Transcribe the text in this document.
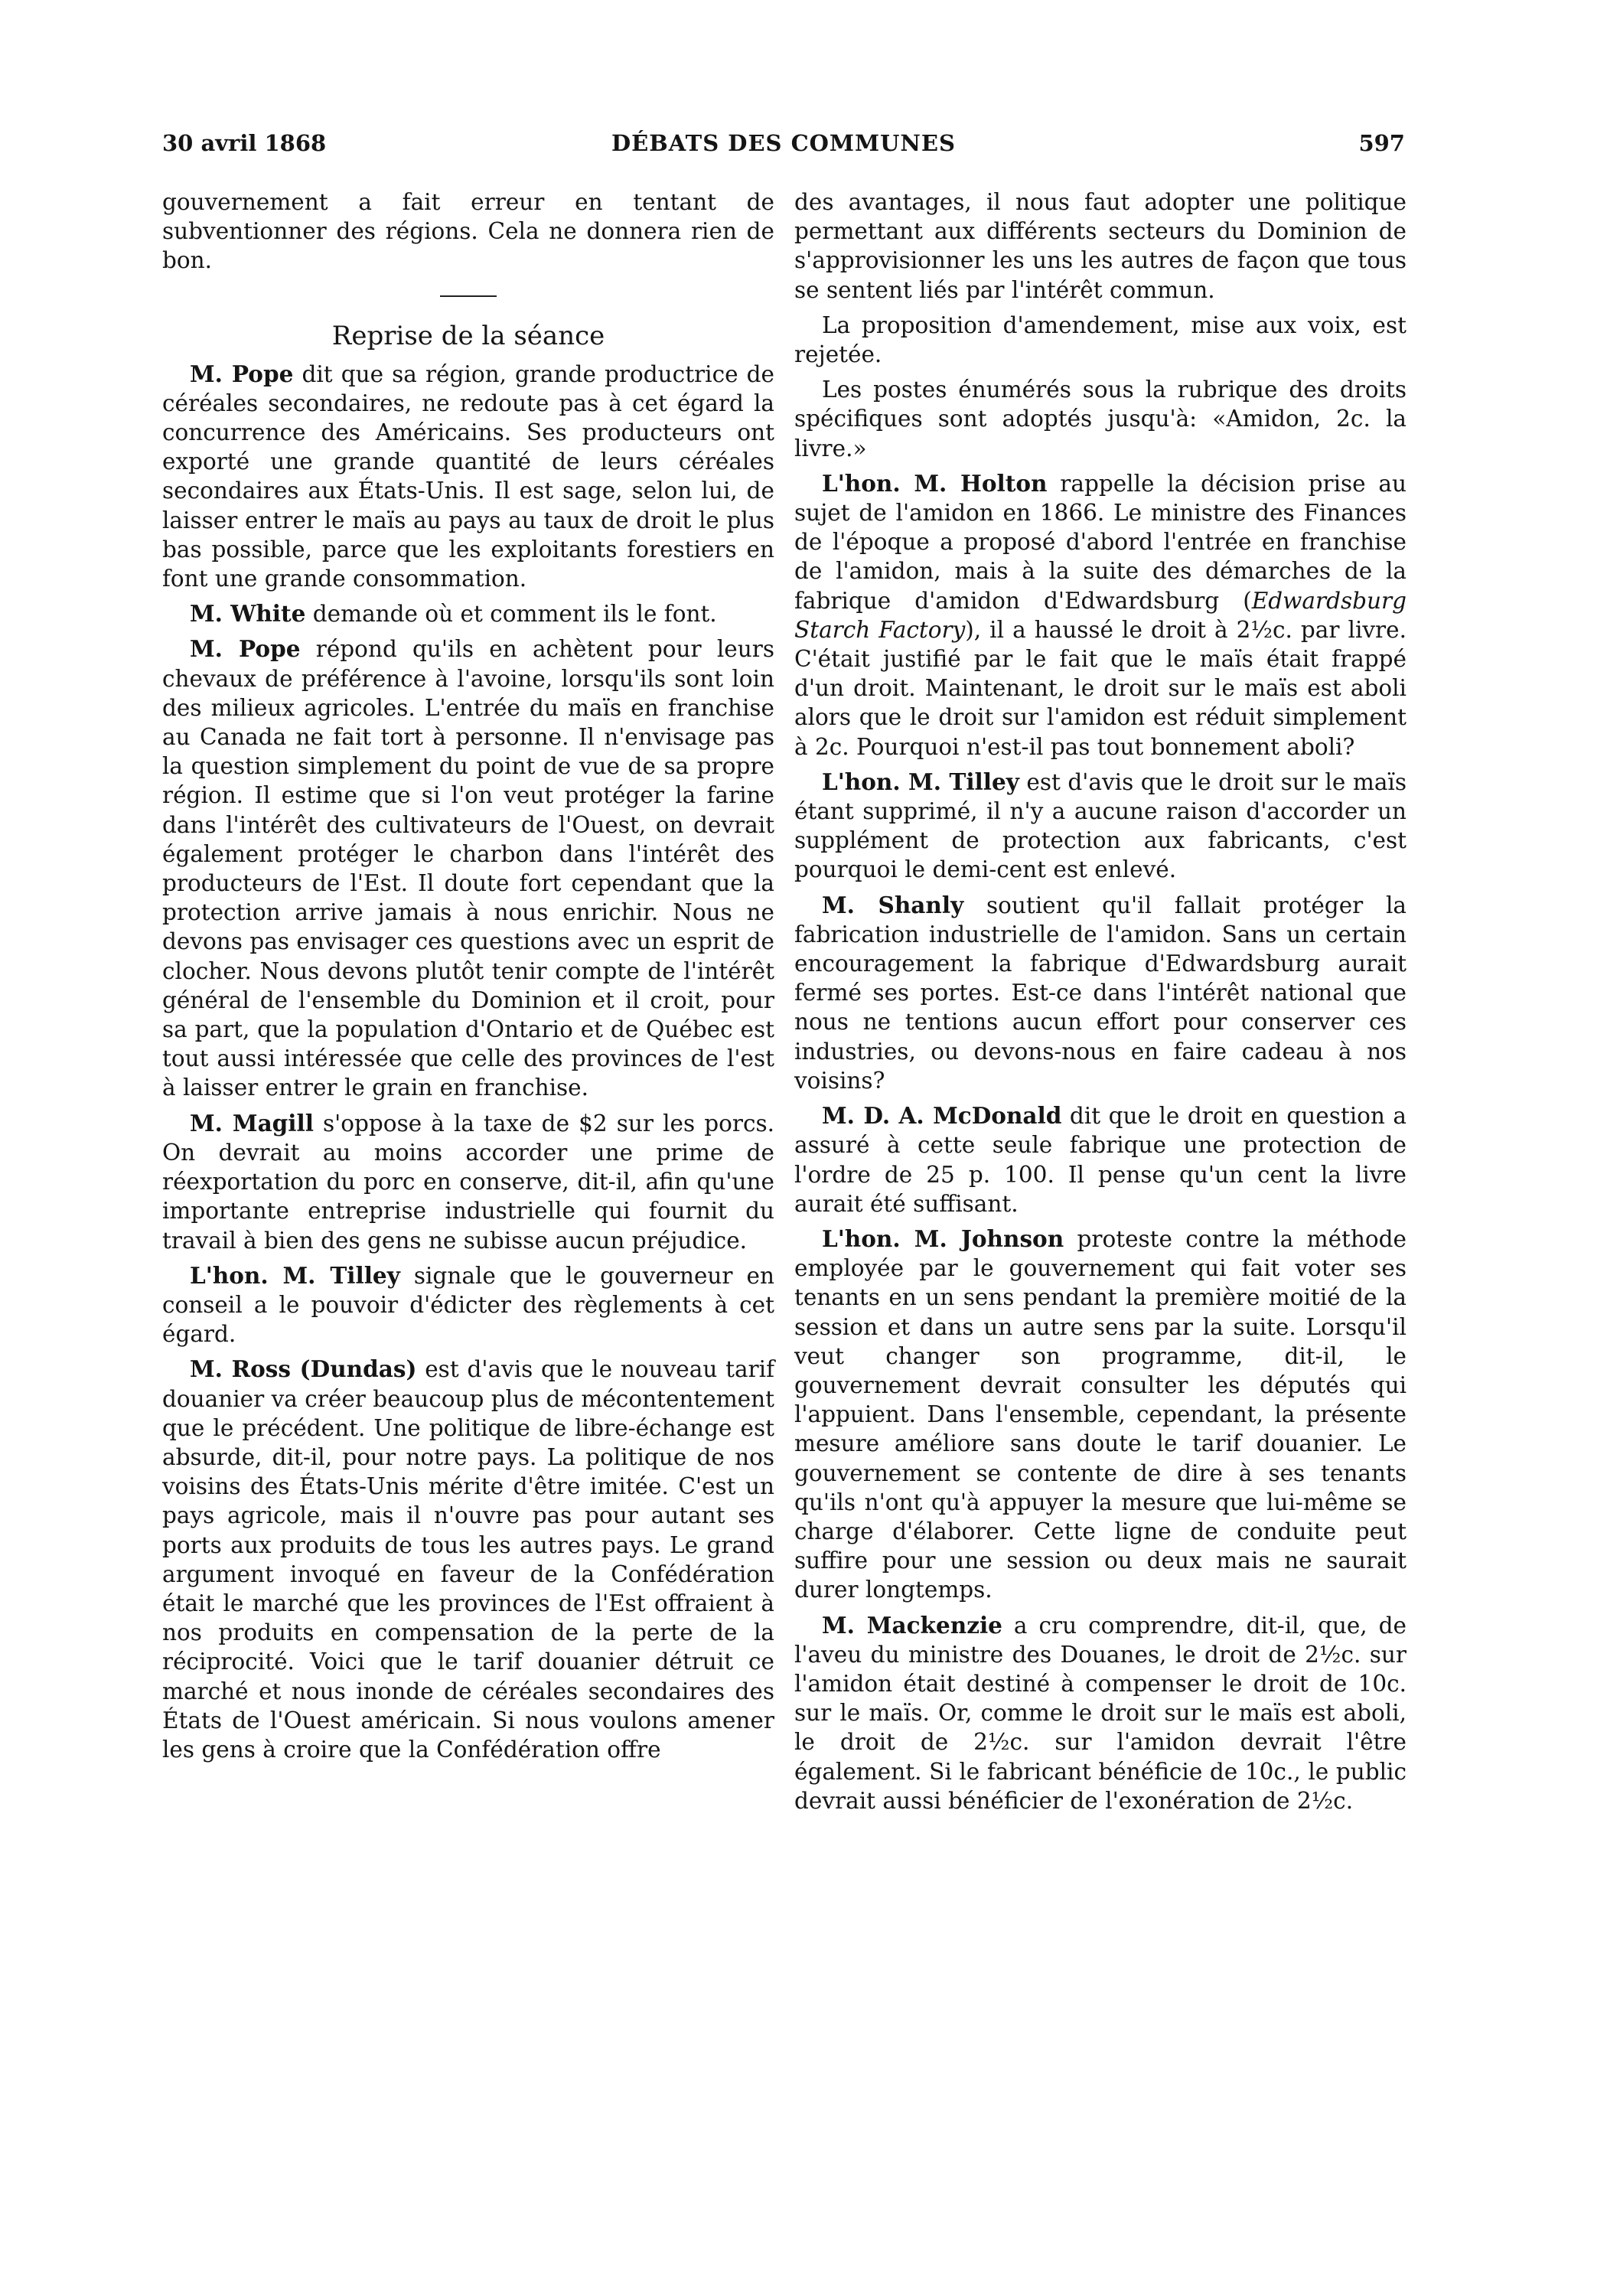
30 avril 1868	DÉBATS DES COMMUNES	597

gouvernement a fait erreur en tentant de subventionner des régions. Cela ne donnera rien de bon.

Reprise de la séance

M. Pope dit que sa région, grande productrice de céréales secondaires, ne redoute pas à cet égard la concurrence des Américains. Ses producteurs ont exporté une grande quantité de leurs céréales secondaires aux États-Unis. Il est sage, selon lui, de laisser entrer le maïs au pays au taux de droit le plus bas possible, parce que les exploitants forestiers en font une grande consommation.

M. White demande où et comment ils le font.

M. Pope répond qu'ils en achètent pour leurs chevaux de préférence à l'avoine, lorsqu'ils sont loin des milieux agricoles. L'entrée du maïs en franchise au Canada ne fait tort à personne. Il n'envisage pas la question simplement du point de vue de sa propre région. Il estime que si l'on veut protéger la farine dans l'intérêt des cultivateurs de l'Ouest, on devrait également protéger le charbon dans l'intérêt des producteurs de l'Est. Il doute fort cependant que la protection arrive jamais à nous enrichir. Nous ne devons pas envisager ces questions avec un esprit de clocher. Nous devons plutôt tenir compte de l'intérêt général de l'ensemble du Dominion et il croit, pour sa part, que la population d'Ontario et de Québec est tout aussi intéressée que celle des provinces de l'est à laisser entrer le grain en franchise.

M. Magill s'oppose à la taxe de $2 sur les porcs. On devrait au moins accorder une prime de réexportation du porc en conserve, dit-il, afin qu'une importante entreprise industrielle qui fournit du travail à bien des gens ne subisse aucun préjudice.

L'hon. M. Tilley signale que le gouverneur en conseil a le pouvoir d'édicter des règlements à cet égard.

M. Ross (Dundas) est d'avis que le nouveau tarif douanier va créer beaucoup plus de mécontentement que le précédent. Une politique de libre-échange est absurde, dit-il, pour notre pays. La politique de nos voisins des États-Unis mérite d'être imitée. C'est un pays agricole, mais il n'ouvre pas pour autant ses ports aux produits de tous les autres pays. Le grand argument invoqué en faveur de la Confédération était le marché que les provinces de l'Est offraient à nos produits en compensation de la perte de la réciprocité. Voici que le tarif douanier détruit ce marché et nous inonde de céréales secondaires des États de l'Ouest américain. Si nous voulons amener les gens à croire que la Confédération offre

des avantages, il nous faut adopter une politique permettant aux différents secteurs du Dominion de s'approvisionner les uns les autres de façon que tous se sentent liés par l'intérêt commun.

La proposition d'amendement, mise aux voix, est rejetée.

Les postes énumérés sous la rubrique des droits spécifiques sont adoptés jusqu'à: «Amidon, 2c. la livre.»

L'hon. M. Holton rappelle la décision prise au sujet de l'amidon en 1866. Le ministre des Finances de l'époque a proposé d'abord l'entrée en franchise de l'amidon, mais à la suite des démarches de la fabrique d'amidon d'Edwardsburg (Edwardsburg Starch Factory), il a haussé le droit à 2½c. par livre. C'était justifié par le fait que le maïs était frappé d'un droit. Maintenant, le droit sur le maïs est aboli alors que le droit sur l'amidon est réduit simplement à 2c. Pourquoi n'est-il pas tout bonnement aboli?

L'hon. M. Tilley est d'avis que le droit sur le maïs étant supprimé, il n'y a aucune raison d'accorder un supplément de protection aux fabricants, c'est pourquoi le demi-cent est enlevé.

M. Shanly soutient qu'il fallait protéger la fabrication industrielle de l'amidon. Sans un certain encouragement la fabrique d'Edwardsburg aurait fermé ses portes. Est-ce dans l'intérêt national que nous ne tentions aucun effort pour conserver ces industries, ou devons-nous en faire cadeau à nos voisins?

M. D. A. McDonald dit que le droit en question a assuré à cette seule fabrique une protection de l'ordre de 25 p. 100. Il pense qu'un cent la livre aurait été suffisant.

L'hon. M. Johnson proteste contre la méthode employée par le gouvernement qui fait voter ses tenants en un sens pendant la première moitié de la session et dans un autre sens par la suite. Lorsqu'il veut changer son programme, dit-il, le gouvernement devrait consulter les députés qui l'appuient. Dans l'ensemble, cependant, la présente mesure améliore sans doute le tarif douanier. Le gouvernement se contente de dire à ses tenants qu'ils n'ont qu'à appuyer la mesure que lui-même se charge d'élaborer. Cette ligne de conduite peut suffire pour une session ou deux mais ne saurait durer longtemps.

M. Mackenzie a cru comprendre, dit-il, que, de l'aveu du ministre des Douanes, le droit de 2½c. sur l'amidon était destiné à compenser le droit de 10c. sur le maïs. Or, comme le droit sur le maïs est aboli, le droit de 2½c. sur l'amidon devrait l'être également. Si le fabricant bénéficie de 10c., le public devrait aussi bénéficier de l'exonération de 2½c.
